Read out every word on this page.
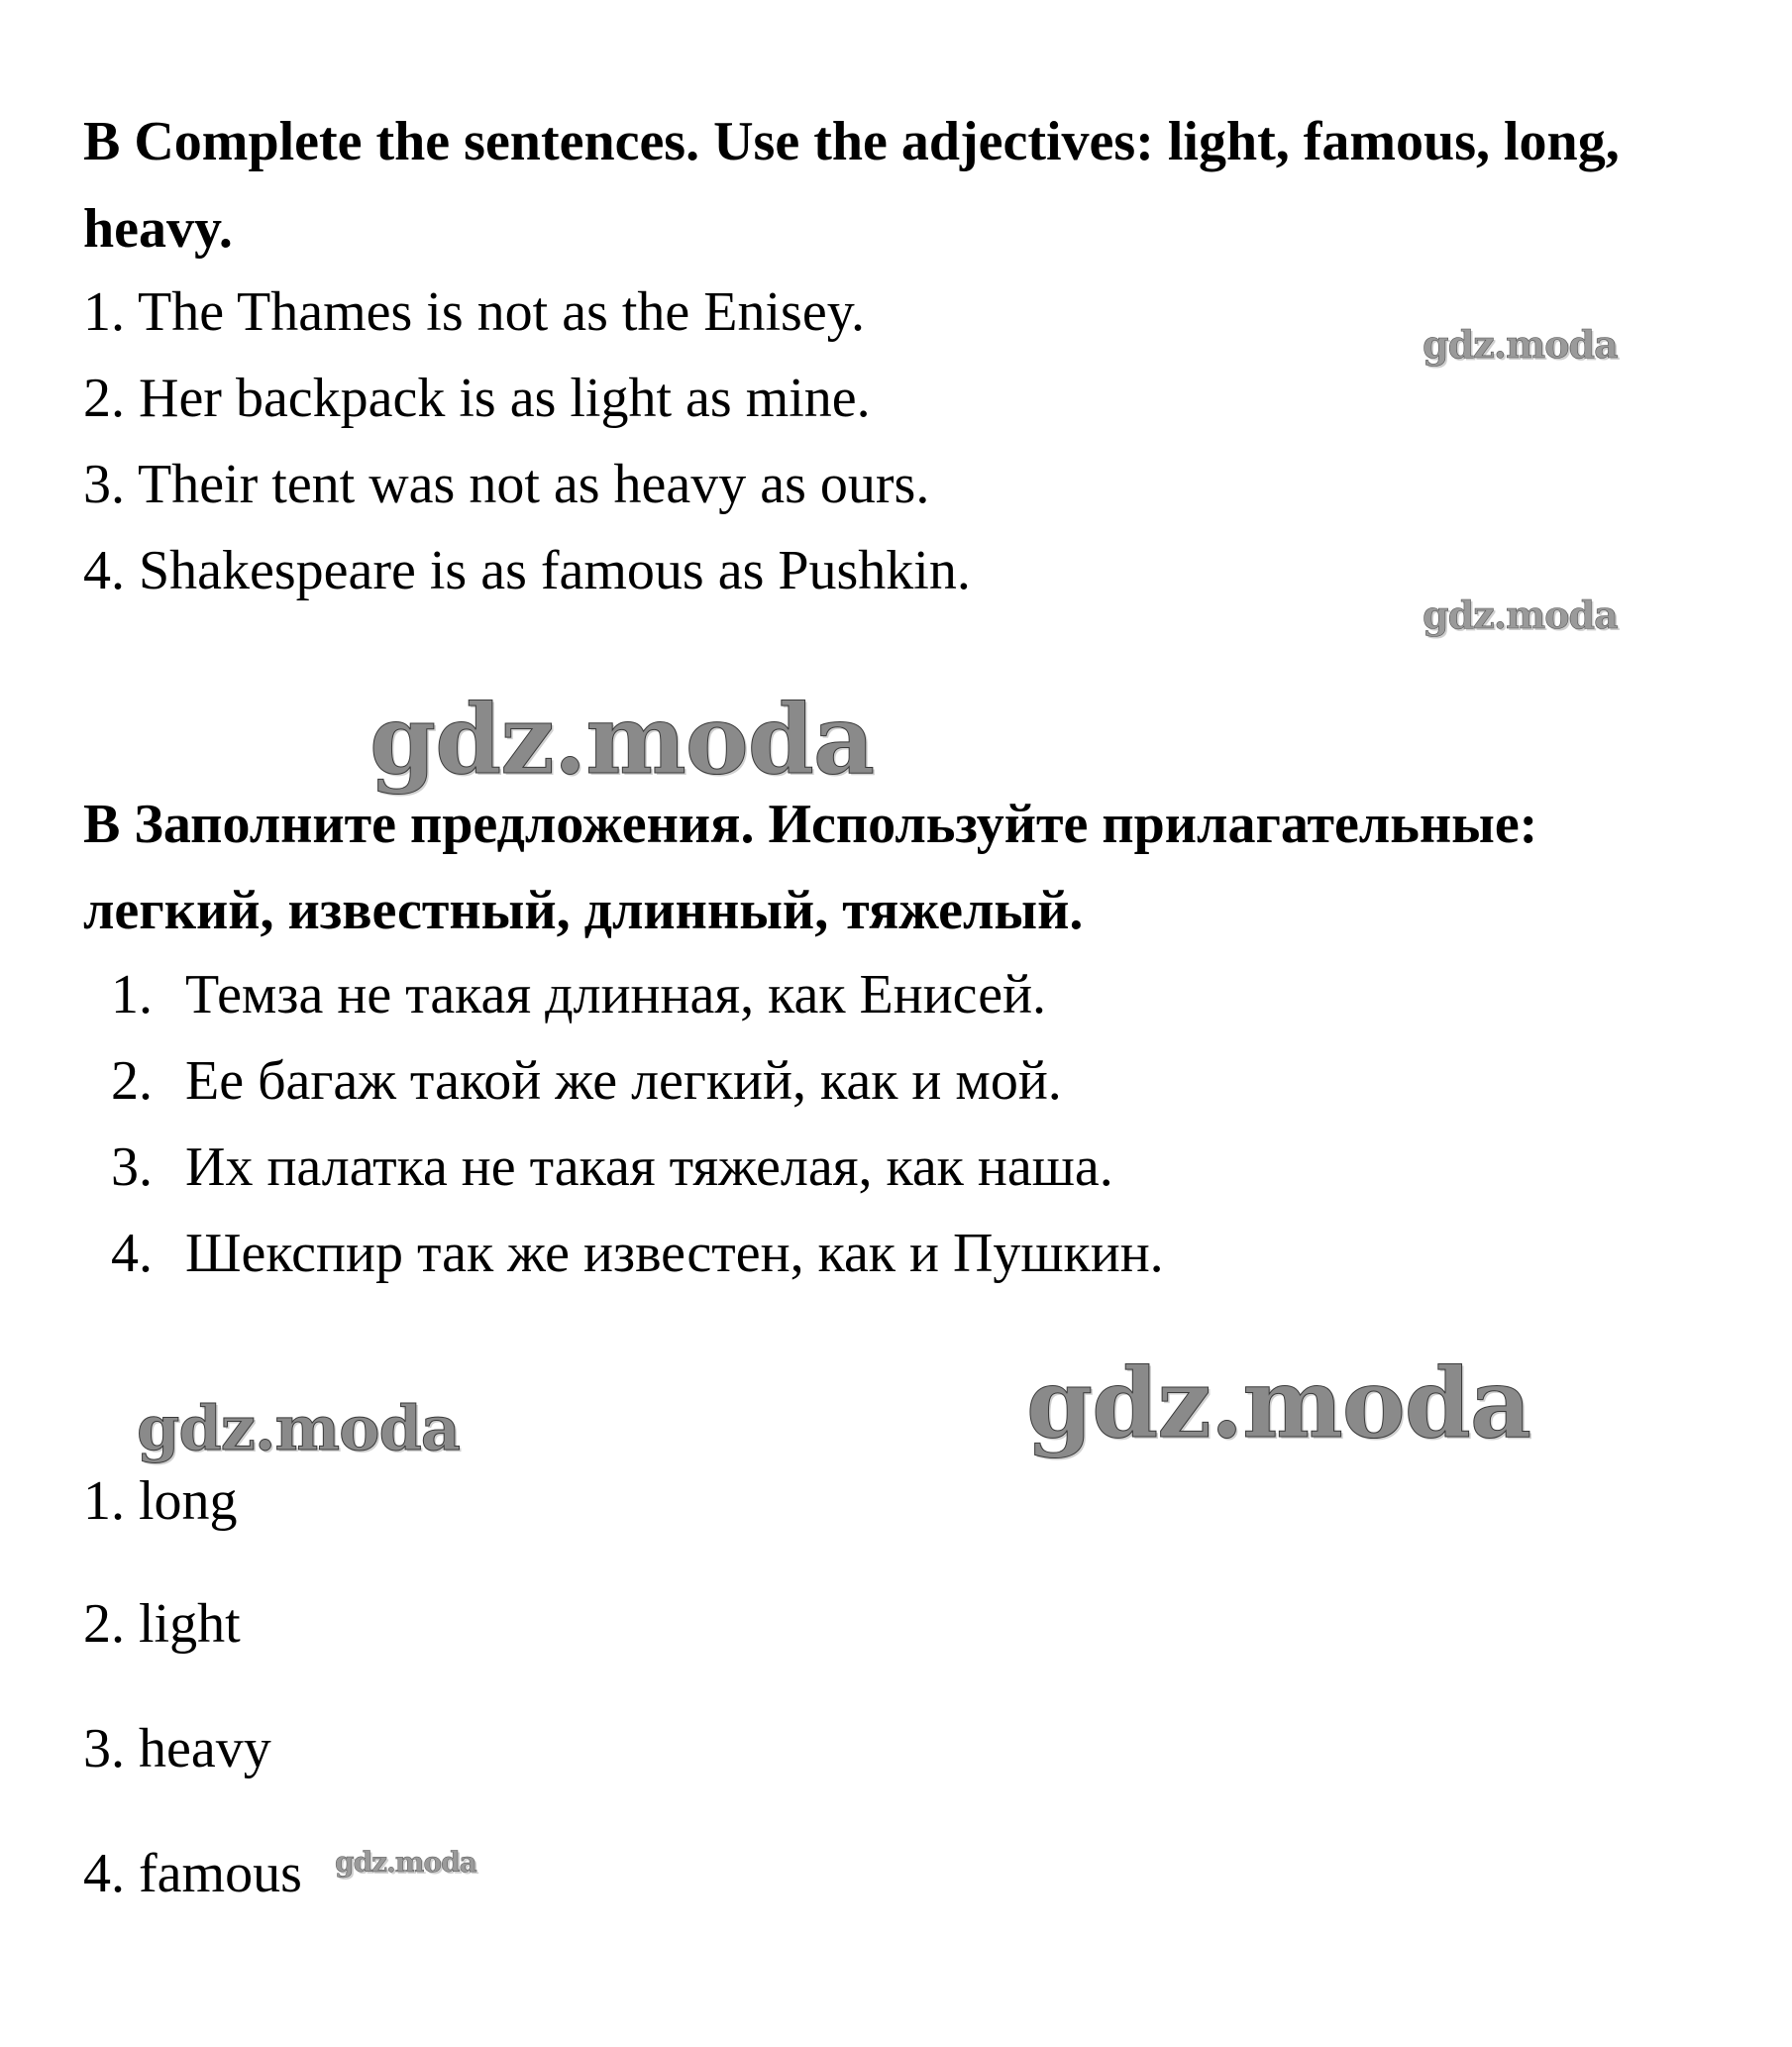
B Complete the sentences. Use the adjectives: light, famous, long,
heavy.
1. The Thames is not as the Enisey.
2. Her backpack is as light as mine.
3. Their tent was not as heavy as ours.
4. Shakespeare is as famous as Pushkin.
gdz.moda
gdz.moda
gdz.moda
B Заполните предложения. Используйте прилагательные:
легкий, известный, длинный, тяжелый.
1. Темза не такая длинная, как Енисей.
2. Ее багаж такой же легкий, как и мой.
3. Их палатка не такая тяжелая, как наша.
4. Шекспир так же известен, как и Пушкин.
gdz.moda	gdz.moda
1. long
2. light
3. heavy
4. famous gdz.moda
